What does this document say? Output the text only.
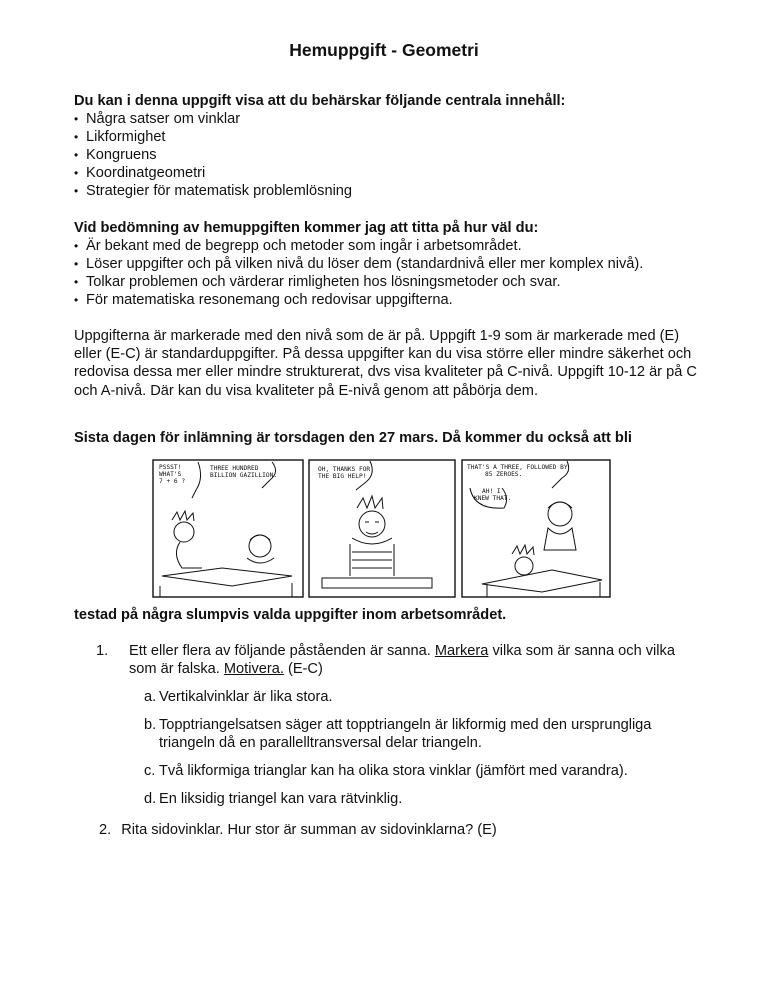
Hemuppgift - Geometri
Du kan i denna uppgift visa att du behärskar följande centrala innehåll:
• Några satser om vinklar
• Likformighet
• Kongruens
• Koordinatgeometri
• Strategier för matematisk problemlösning
Vid bedömning av hemuppgiften kommer jag att titta på hur väl du:
• Är bekant med de begrepp och metoder som ingår i arbetsområdet.
• Löser uppgifter och på vilken nivå du löser dem (standardnivå eller mer komplex nivå).
• Tolkar problemen och värderar rimligheten hos lösningsmetoder och svar.
• För matematiska resonemang och redovisar uppgifterna.
Uppgifterna är markerade med den nivå som de är på. Uppgift 1-9 som är markerade med (E) eller (E-C) är standarduppgifter. På dessa uppgifter kan du visa större eller mindre säkerhet och redovisa dessa mer eller mindre strukturerat, dvs visa kvaliteter på C-nivå. Uppgift 10-12 är på C och A-nivå. Där kan du visa kvaliteter på E-nivå genom att påbörja dem.
Sista dagen för inlämning är torsdagen den 27 mars. Då kommer du också att bli
PSSST! WHAT'S 7 + 6 ?
THREE HUNDRED BILLION GAZILLION.
OH, THANKS FOR THE BIG HELP!
THAT'S A THREE, FOLLOWED BY 85 ZEROES.
AH! I KNEW THAT.
testad på några slumpvis valda uppgifter inom arbetsområdet.
1. Ett eller flera av följande påståenden är sanna. Markera vilka som är sanna och vilka som är falska. Motivera. (E-C)
a. Vertikalvinklar är lika stora.
b. Topptriangelsatsen säger att topptriangeln är likformig med den ursprungliga triangeln då en parallelltransversal delar triangeln.
c. Två likformiga trianglar kan ha olika stora vinklar (jämfört med varandra).
d. En liksidig triangel kan vara rätvinklig.
2. Rita sidovinklar. Hur stor är summan av sidovinklarna? (E)
